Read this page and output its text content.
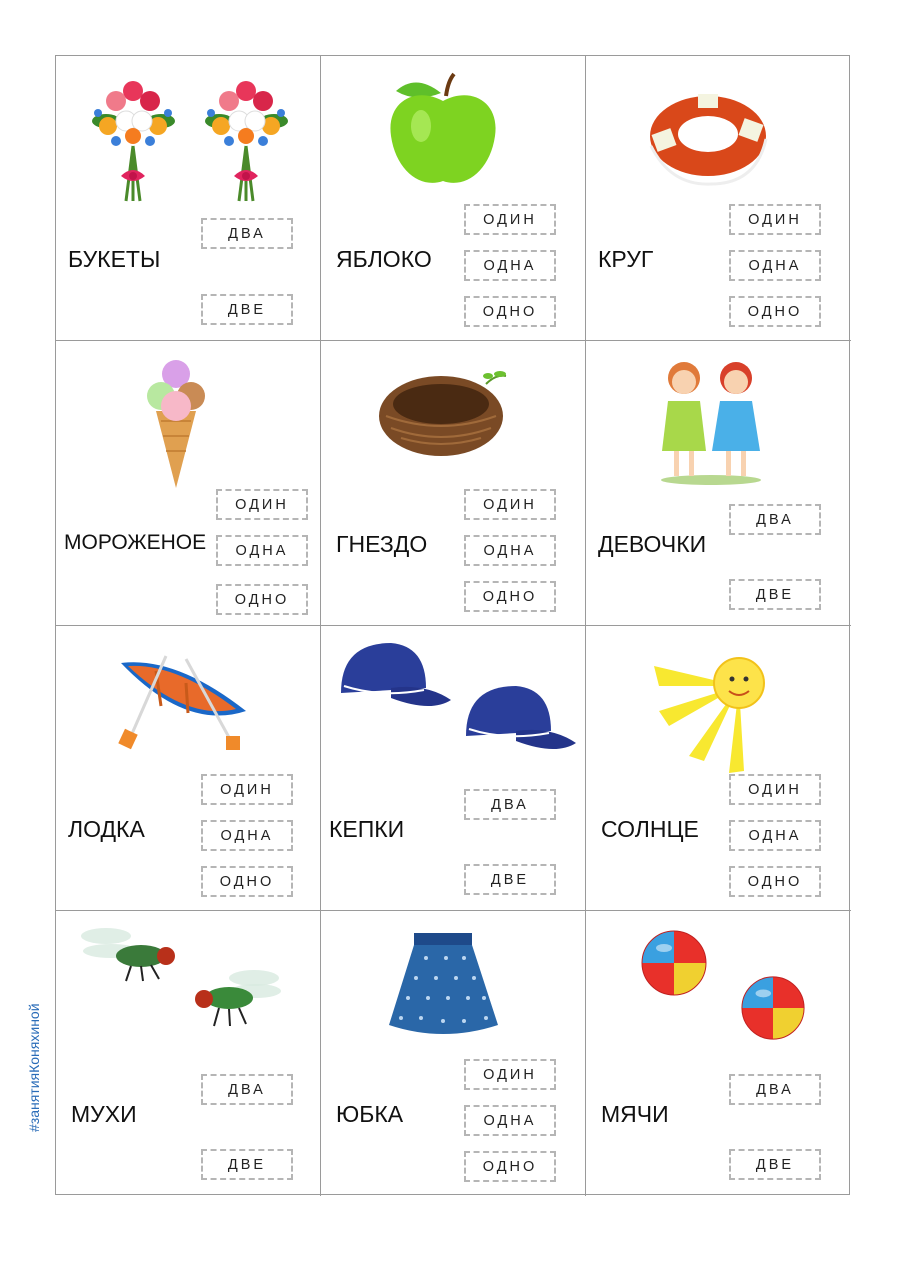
БУКЕТЫ
ДВА
ДВЕ
ЯБЛОКО
ОДИН
ОДНА
ОДНО
КРУГ
ОДИН
ОДНА
ОДНО
МОРОЖЕНОЕ
ОДИН
ОДНА
ОДНО
ГНЕЗДО
ОДИН
ОДНА
ОДНО
ДЕВОЧКИ
ДВА
ДВЕ
ЛОДКА
ОДИН
ОДНА
ОДНО
КЕПКИ
ДВА
ДВЕ
СОЛНЦЕ
ОДИН
ОДНА
ОДНО
МУХИ
ДВА
ДВЕ
ЮБКА
ОДИН
ОДНА
ОДНО
МЯЧИ
ДВА
ДВЕ
#занятияКоняхиной
